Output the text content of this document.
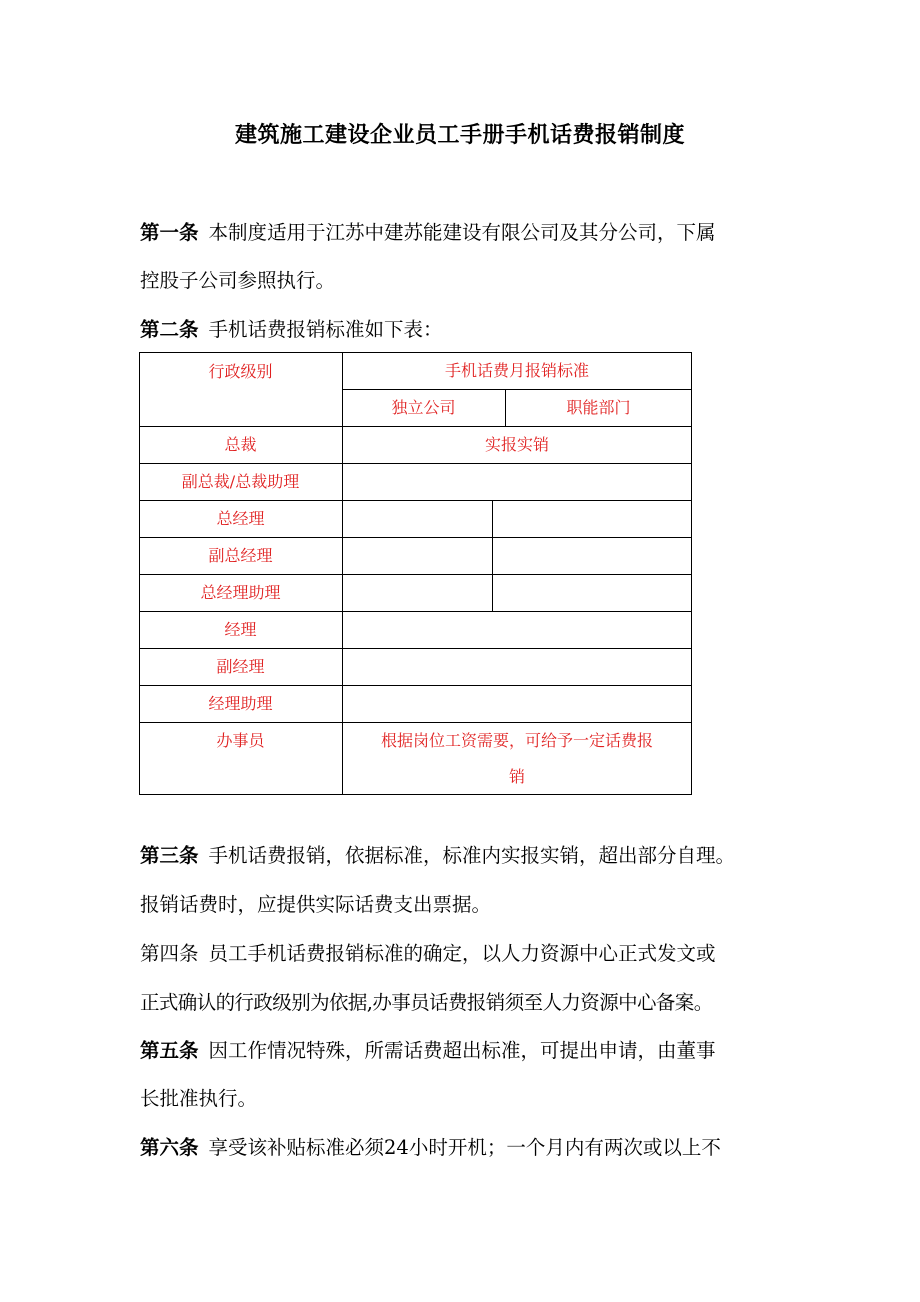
建筑施工建设企业员工手册手机话费报销制度
第一条 本制度适用于江苏中建苏能建设有限公司及其分公司，下属
控股子公司参照执行。
第二条 手机话费报销标准如下表：
行政级别	手机话费月报销标准
独立公司	职能部门
总裁	实报实销
副总裁/总裁助理
总经理
副总经理
总经理助理
经理
副经理
经理助理
办事员	根据岗位工资需要，可给予一定话费报
销
第三条 手机话费报销，依据标准，标准内实报实销，超出部分自理。
报销话费时，应提供实际话费支出票据。
第四条 员工手机话费报销标准的确定，以人力资源中心正式发文或
正式确认的行政级别为依据,办事员话费报销须至人力资源中心备案。
第五条 因工作情况特殊，所需话费超出标准，可提出申请，由董事
长批准执行。
第六条 享受该补贴标准必须24小时开机；一个月内有两次或以上不
